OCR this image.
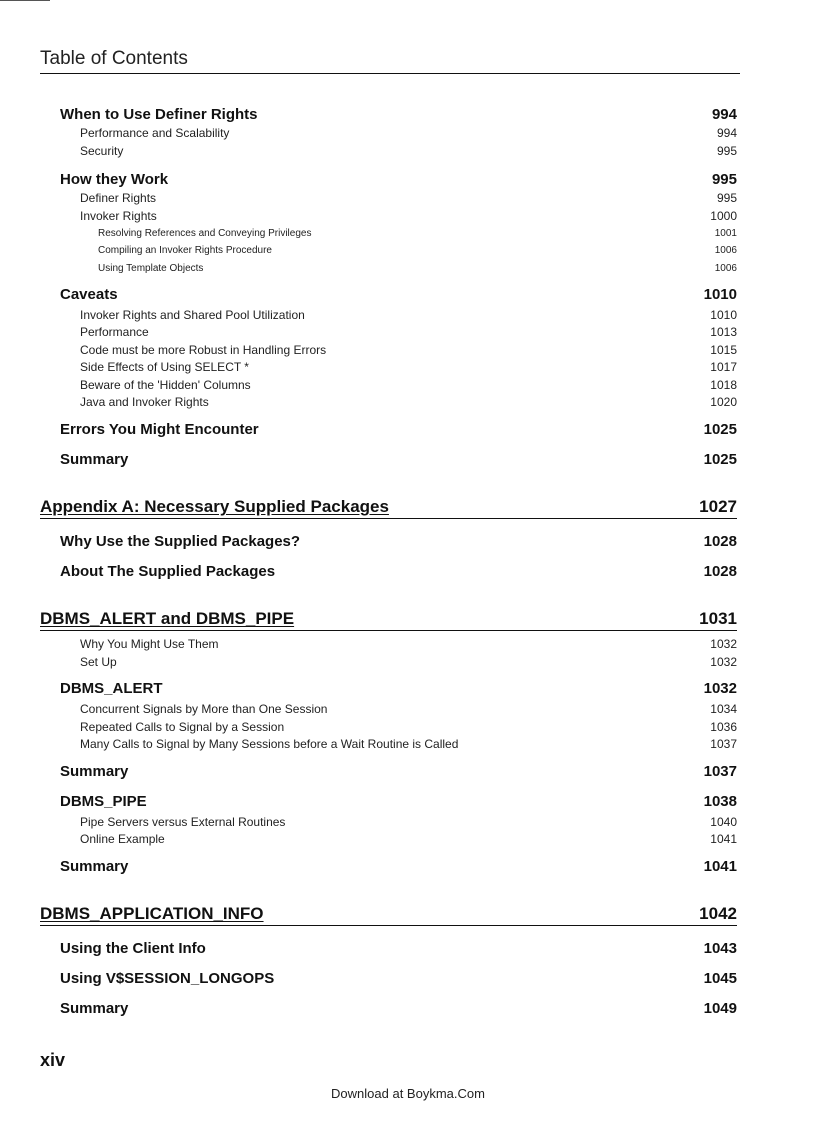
Table of Contents
When to Use Definer Rights	994
Performance and Scalability	994
Security	995
How they Work	995
Definer Rights	995
Invoker Rights	1000
Resolving References and Conveying Privileges	1001
Compiling an Invoker Rights Procedure	1006
Using Template Objects	1006
Caveats	1010
Invoker Rights and Shared Pool Utilization	1010
Performance	1013
Code must be more Robust in Handling Errors	1015
Side Effects of Using SELECT *	1017
Beware of the 'Hidden' Columns	1018
Java and Invoker Rights	1020
Errors You Might Encounter	1025
Summary	1025
Appendix A: Necessary Supplied Packages	1027
Why Use the Supplied Packages?	1028
About The Supplied Packages	1028
DBMS_ALERT and DBMS_PIPE	1031
Why You Might Use Them	1032
Set Up	1032
DBMS_ALERT	1032
Concurrent Signals by More than One Session	1034
Repeated Calls to Signal by a Session	1036
Many Calls to Signal by Many Sessions before a Wait Routine is Called	1037
Summary	1037
DBMS_PIPE	1038
Pipe Servers versus External Routines	1040
Online Example	1041
Summary	1041
DBMS_APPLICATION_INFO	1042
Using the Client Info	1043
Using V$SESSION_LONGOPS	1045
Summary	1049
xiv
Download at Boykma.Com
